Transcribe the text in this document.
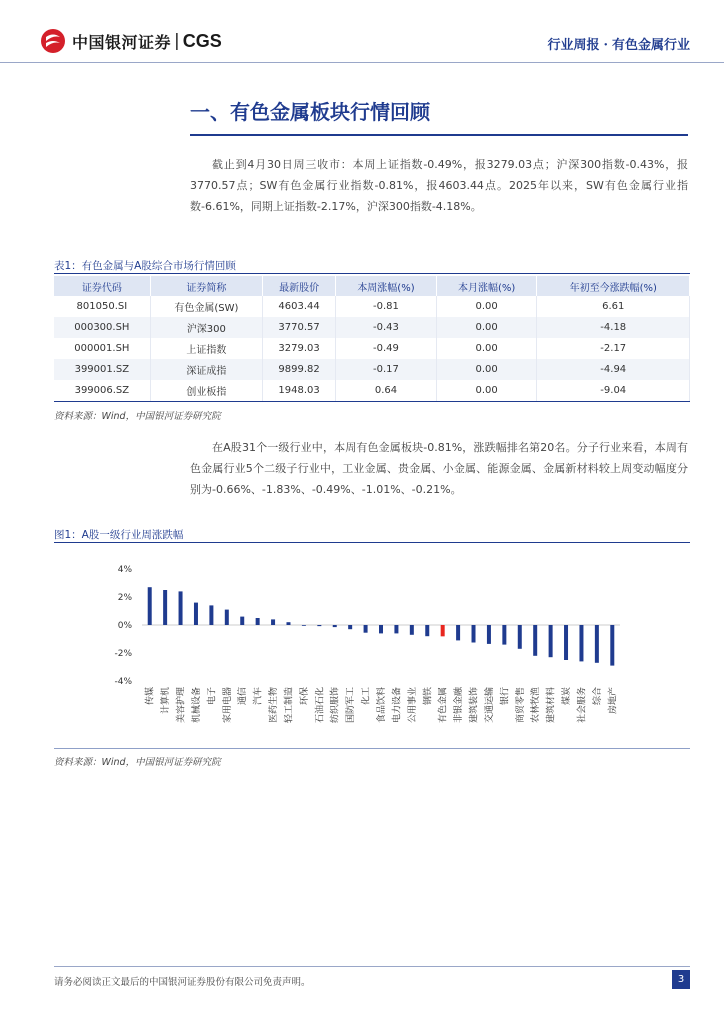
中国银河证券 | CGS	行业周报 · 有色金属行业
一、有色金属板块行情回顾
截止到4月30日周三收市：本周上证指数-0.49%，报3279.03点；沪深300指数-0.43%，报3770.57点；SW有色金属行业指数-0.81%，报4603.44点。2025年以来，SW有色金属行业指数-6.61%，同期上证指数-2.17%，沪深300指数-4.18%。
表1：有色金属与A股综合市场行情回顾
证券代码	证券简称	最新股价	本周涨幅(%)	本月涨幅(%)	年初至今涨跌幅(%)
801050.SI	有色金属(SW)	4603.44	-0.81	0.00	6.61
000300.SH	沪深300	3770.57	-0.43	0.00	-4.18
000001.SH	上证指数	3279.03	-0.49	0.00	-2.17
399001.SZ	深证成指	9899.82	-0.17	0.00	-4.94
399006.SZ	创业板指	1948.03	0.64	0.00	-9.04
资料来源：Wind，中国银河证券研究院
在A股31个一级行业中，本周有色金属板块-0.81%，涨跌幅排名第20名。分子行业来看，本周有色金属行业5个二级子行业中，工业金属、贵金属、小金属、能源金属、金属新材料较上周变动幅度分别为-0.66%、-1.83%、-0.49%、-1.01%、-0.21%。
图1：A股一级行业周涨跌幅
4%
2%
0%
-2%
-4%
传媒 计算机 美容护理 机械设备 电子 家用电器 通信 汽车 医药生物 轻工制造 环保 石油石化 纺织服饰 国防军工 化工 食品饮料 电力设备 公用事业 钢铁 有色金属 非银金融 建筑装饰 交通运输 银行 商贸零售 农林牧渔 建筑材料 煤炭 社会服务 综合 房地产
资料来源：Wind，中国银河证券研究院
请务必阅读正文最后的中国银河证券股份有限公司免责声明。	3
